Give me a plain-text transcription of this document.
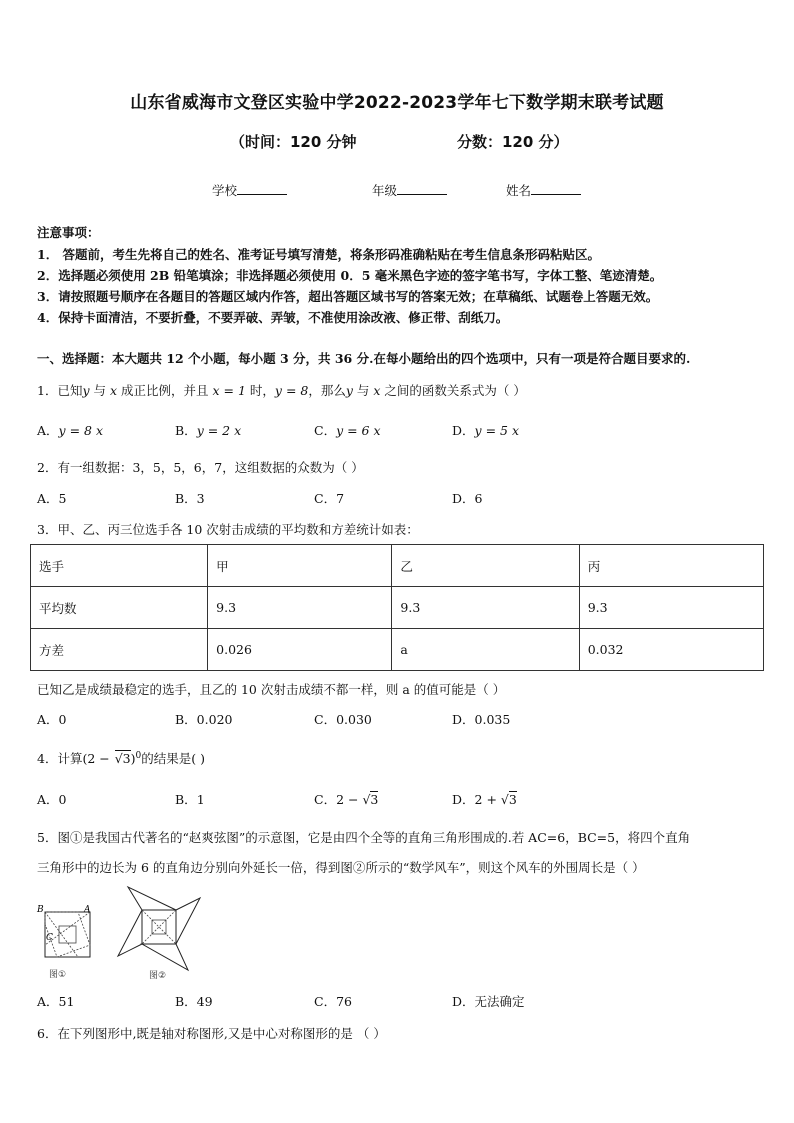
山东省威海市文登区实验中学2022-2023学年七下数学期末联考试题
（时间：120 分钟	分数：120 分）
学校	年级	姓名
注意事项：
1． 答题前，考生先将自己的姓名、准考证号填写清楚，将条形码准确粘贴在考生信息条形码粘贴区。
2．选择题必须使用 2B 铅笔填涂；非选择题必须使用 0．5 毫米黑色字迹的签字笔书写，字体工整、笔迹清楚。
3．请按照题号顺序在各题目的答题区域内作答，超出答题区域书写的答案无效；在草稿纸、试题卷上答题无效。
4．保持卡面清洁，不要折叠，不要弄破、弄皱，不准使用涂改液、修正带、刮纸刀。
一、选择题：本大题共 12 个小题，每小题 3 分，共 36 分.在每小题给出的四个选项中，只有一项是符合题目要求的.
1．已知y 与 x 成正比例，并且 x = 1 时，y = 8，那么y 与 x 之间的函数关系式为（ ）
A．y = 8 x	B．y = 2 x	C．y = 6 x	D．y = 5 x
2．有一组数据：3，5，5，6，7，这组数据的众数为（ ）
A．5	B．3	C．7	D．6
3．甲、乙、丙三位选手各 10 次射击成绩的平均数和方差统计如表：
选手	甲	乙	丙
平均数	9.3	9.3	9.3
方差	0.026	a	0.032
已知乙是成绩最稳定的选手，且乙的 10 次射击成绩不都一样，则 a 的值可能是（ ）
A．0	B．0.020	C．0.030	D．0.035
4．计算$(2 - √3)^0$的结果是( )
A．0	B．1	C．2 − √3	D．2 + √3
5．图①是我国古代著名的“赵爽弦图”的示意图，它是由四个全等的直角三角形围成的.若 AC=6，BC=5，将四个直角
三角形中的边长为 6 的直角边分别向外延长一倍，得到图②所示的“数学风车”，则这个风车的外围周长是（ ）
B	A
C
图①	图②
A．51	B．49	C．76	D．无法确定
6．在下列图形中,既是轴对称图形,又是中心对称图形的是 （ ）
